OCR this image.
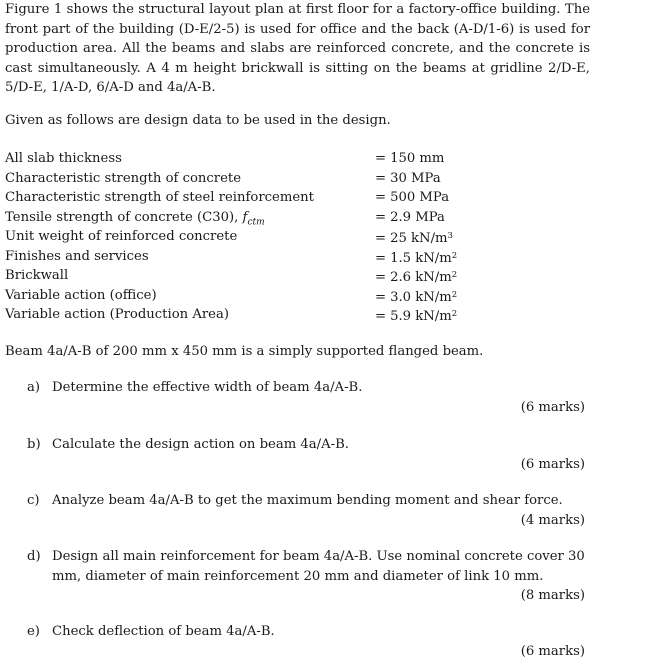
Figure 1 shows the structural layout plan at first floor for a factory-office building. The front part of the building (D-E/2-5) is used for office and the back (A-D/1-6) is used for production area. All the beams and slabs are reinforced concrete, and the concrete is cast simultaneously. A 4 m height brickwall is sitting on the beams at gridline 2/D-E, 5/D-E, 1/A-D, 6/A-D and 4a/A-B.
Given as follows are design data to be used in the design.
All slab thickness	= 150 mm
Characteristic strength of concrete	= 30 MPa
Characteristic strength of steel reinforcement	= 500 MPa
Tensile strength of concrete (C30), $f_{ctm}$	= 2.9 MPa
Unit weight of reinforced concrete	= 25 $kN/m^3$
Finishes and services	= 1.5 $kN/m^2$
Brickwall	= 2.6 $kN/m^2$
Variable action (office)	= 3.0 $kN/m^2$
Variable action (Production Area)	= 5.9 $kN/m^2$
Beam 4a/A-B of 200 mm x 450 mm is a simply supported flanged beam.
a) Determine the effective width of beam 4a/A-B.
(6 marks)
b) Calculate the design action on beam 4a/A-B.
(6 marks)
c) Analyze beam 4a/A-B to get the maximum bending moment and shear force.
(4 marks)
d) Design all main reinforcement for beam 4a/A-B. Use nominal concrete cover 30 mm, diameter of main reinforcement 20 mm and diameter of link 10 mm.
(8 marks)
e) Check deflection of beam 4a/A-B.
(6 marks)
